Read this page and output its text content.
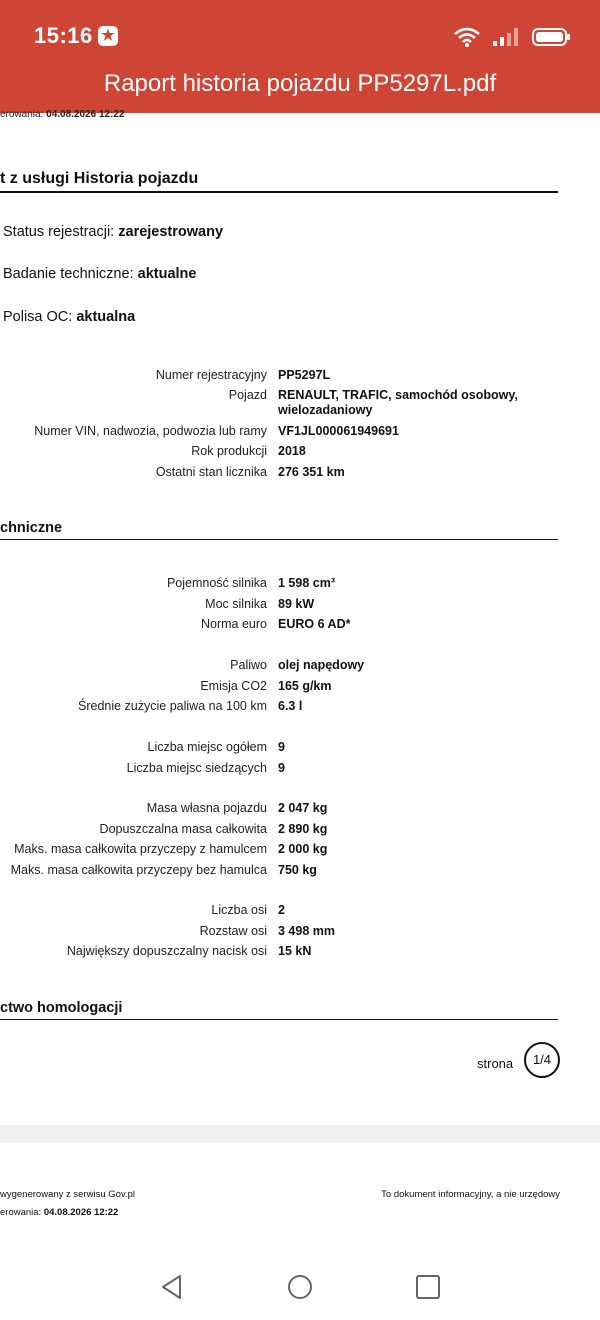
15:16 ★
Raport historia pojazdu PP5297L.pdf
erowania: 04.08.2026 12:22
t z usługi Historia pojazdu
Status rejestracji: zarejestrowany
Badanie techniczne: aktualne
Polisa OC: aktualna
Numer rejestracyjny PP5297L
Pojazd RENAULT, TRAFIC, samochód osobowy, wielozadaniowy
Numer VIN, nadwozia, podwozia lub ramy VF1JL000061949691
Rok produkcji 2018
Ostatni stan licznika 276 351 km
chniczne
Pojemność silnika 1 598 cm³
Moc silnika 89 kW
Norma euro EURO 6 AD*
Paliwo olej napędowy
Emisja CO2 165 g/km
Średnie zużycie paliwa na 100 km 6.3 l
Liczba miejsc ogółem 9
Liczba miejsc siedzących 9
Masa własna pojazdu 2 047 kg
Dopuszczalna masa całkowita 2 890 kg
Maks. masa całkowita przyczepy z hamulcem 2 000 kg
Maks. masa całkowita przyczepy bez hamulca 750 kg
Liczba osi 2
Rozstaw osi 3 498 mm
Największy dopuszczalny nacisk osi 15 kN
ctwo homologacji
strona	1/4
wygenerowany z serwisu Gov.pl	To dokument informacyjny, a nie urzędowy
erowania: 04.08.2026 12:22
